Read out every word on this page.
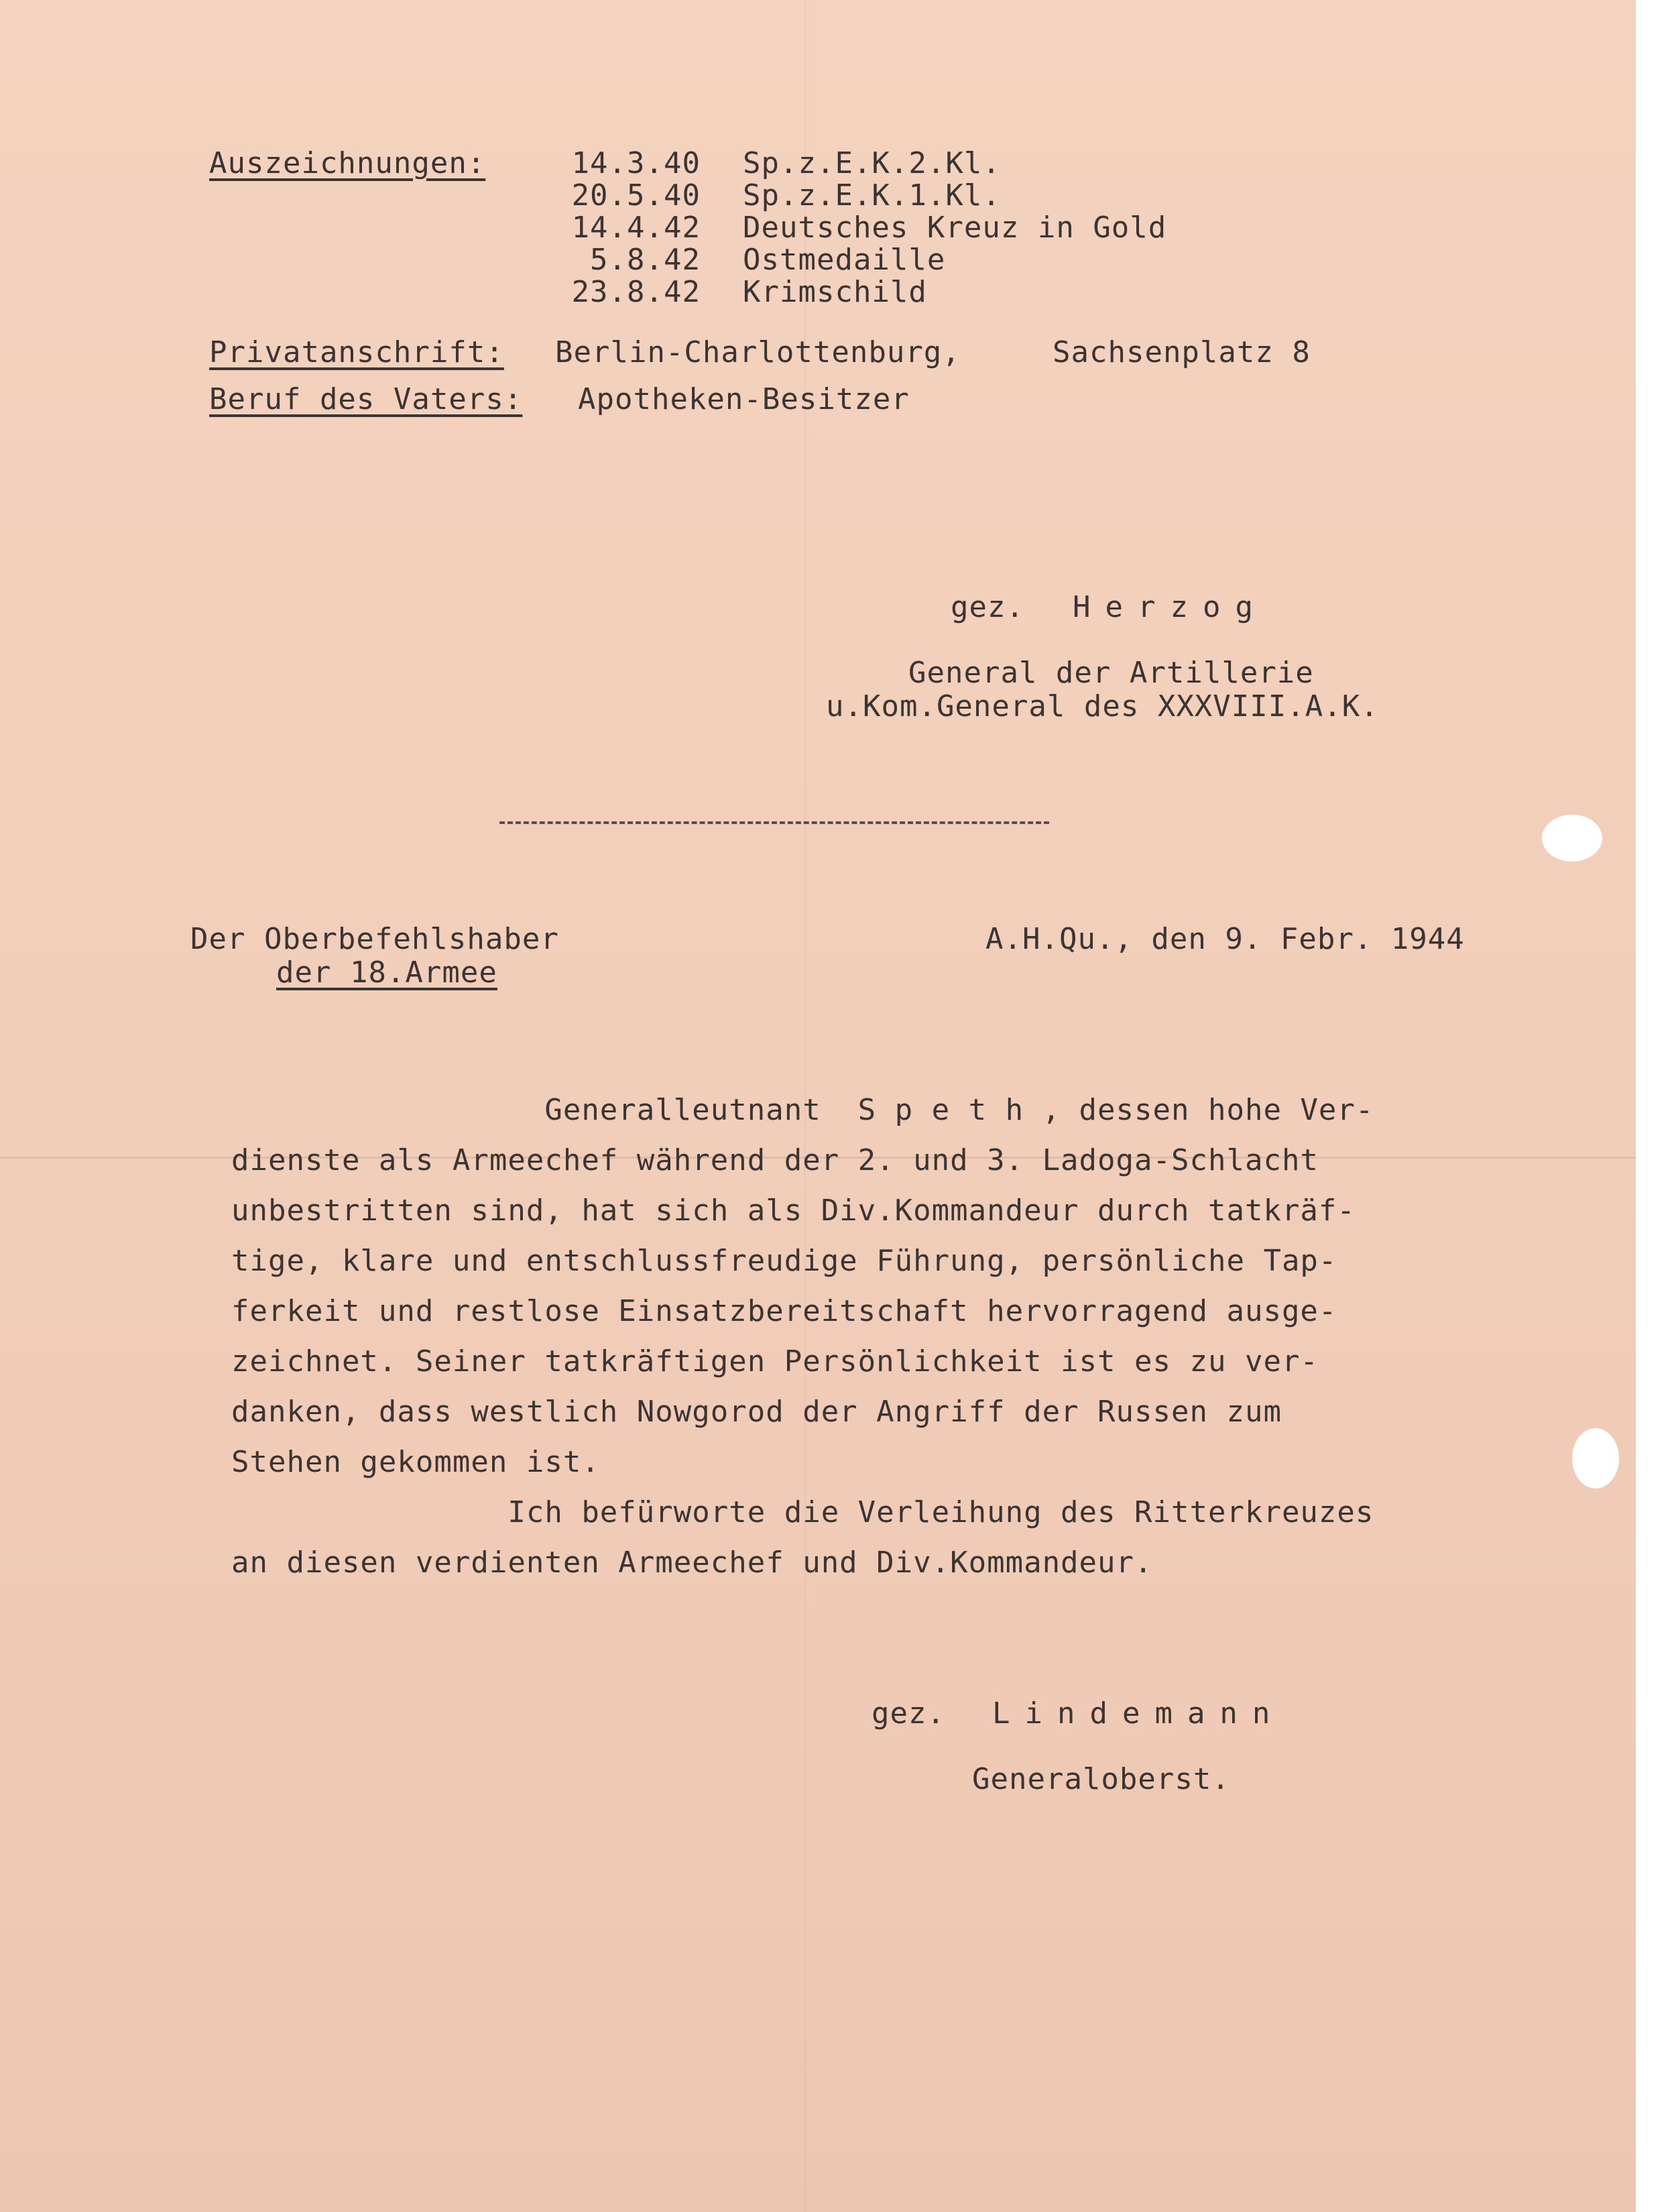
Auszeichnungen:	14.3.40 Sp.z.E.K.2.Kl.
20.5.40 Sp.z.E.K.1.Kl.
14.4.42 Deutsches Kreuz in Gold
5.8.42 Ostmedaille
23.8.42 Krimschild
Privatanschrift: Berlin-Charlottenburg,	Sachsenplatz 8
Beruf des Vaters: Apotheken-Besitzer
gez. Herzog
General der Artillerie
u.Kom.General des XXXVIII.A.K.
Der Oberbefehlshaber
der 18.Armee
A.H.Qu., den 9. Febr. 1944
Generalleutnant  S p e t h , dessen hohe Ver-
dienste als Armeechef während der 2. und 3. Ladoga-Schlacht
unbestritten sind, hat sich als Div.Kommandeur durch tatkräf-
tige, klare und entschlussfreudige Führung, persönliche Tap-
ferkeit und restlose Einsatzbereitschaft hervorragend ausge-
zeichnet. Seiner tatkräftigen Persönlichkeit ist es zu ver-
danken, dass westlich Nowgorod der Angriff der Russen zum
Stehen gekommen ist.
Ich befürworte die Verleihung des Ritterkreuzes
an diesen verdienten Armeechef und Div.Kommandeur.
gez. Lindemann
Generaloberst.
